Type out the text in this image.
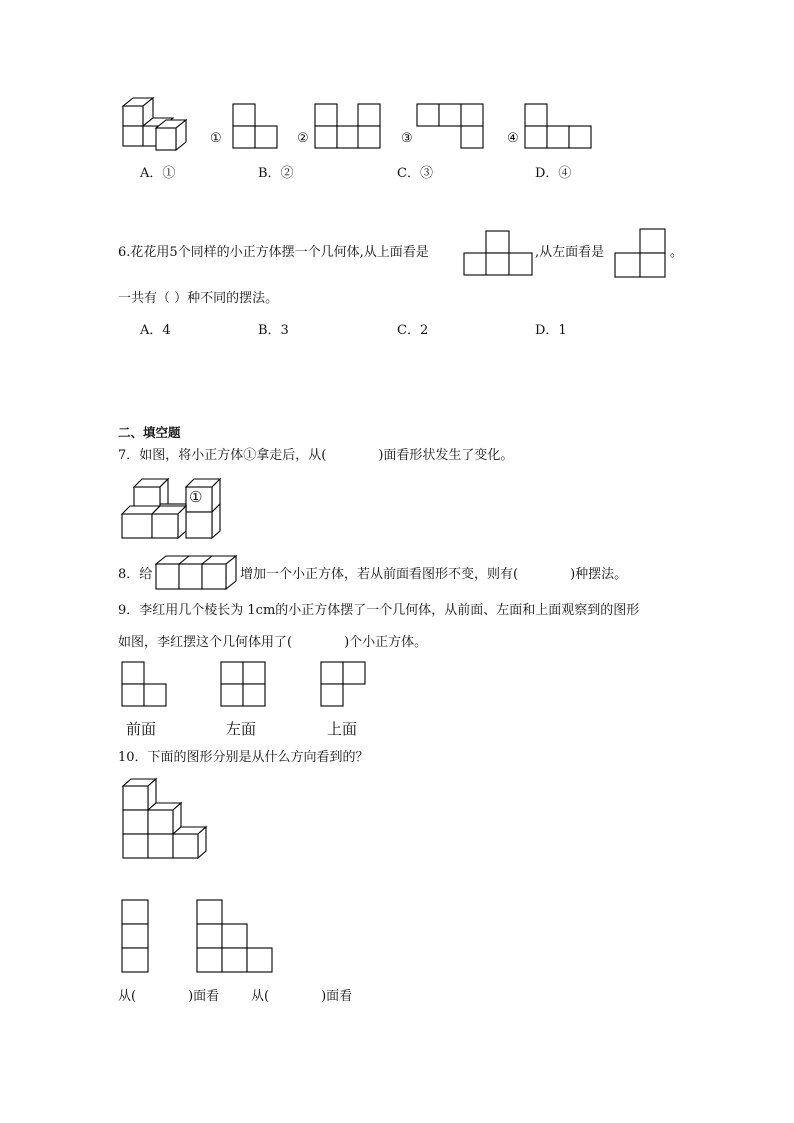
①	②	③	④
A．①	B．②	C．③	D．④
6.花花用5个同样的小正方体摆一个几何体,从上面看是	,从左面看是	。
一共有（ ）种不同的摆法。
A．4	B．3	C．2	D．1
二、填空题
7．如图，将小正方体①拿走后，从(　　　　)面看形状发生了变化。
①
8．给	增加一个小正方体，若从前面看图形不变，则有(　　　　)种摆法。
9．李红用几个棱长为 1cm的小正方体摆了一个几何体，从前面、左面和上面观察到的图形
如图，李红摆这个几何体用了(　　　　)个小正方体。
前面	左面	上面
10．下面的图形分别是从什么方向看到的？
从(　　　　)面看 从(　　　　)面看
